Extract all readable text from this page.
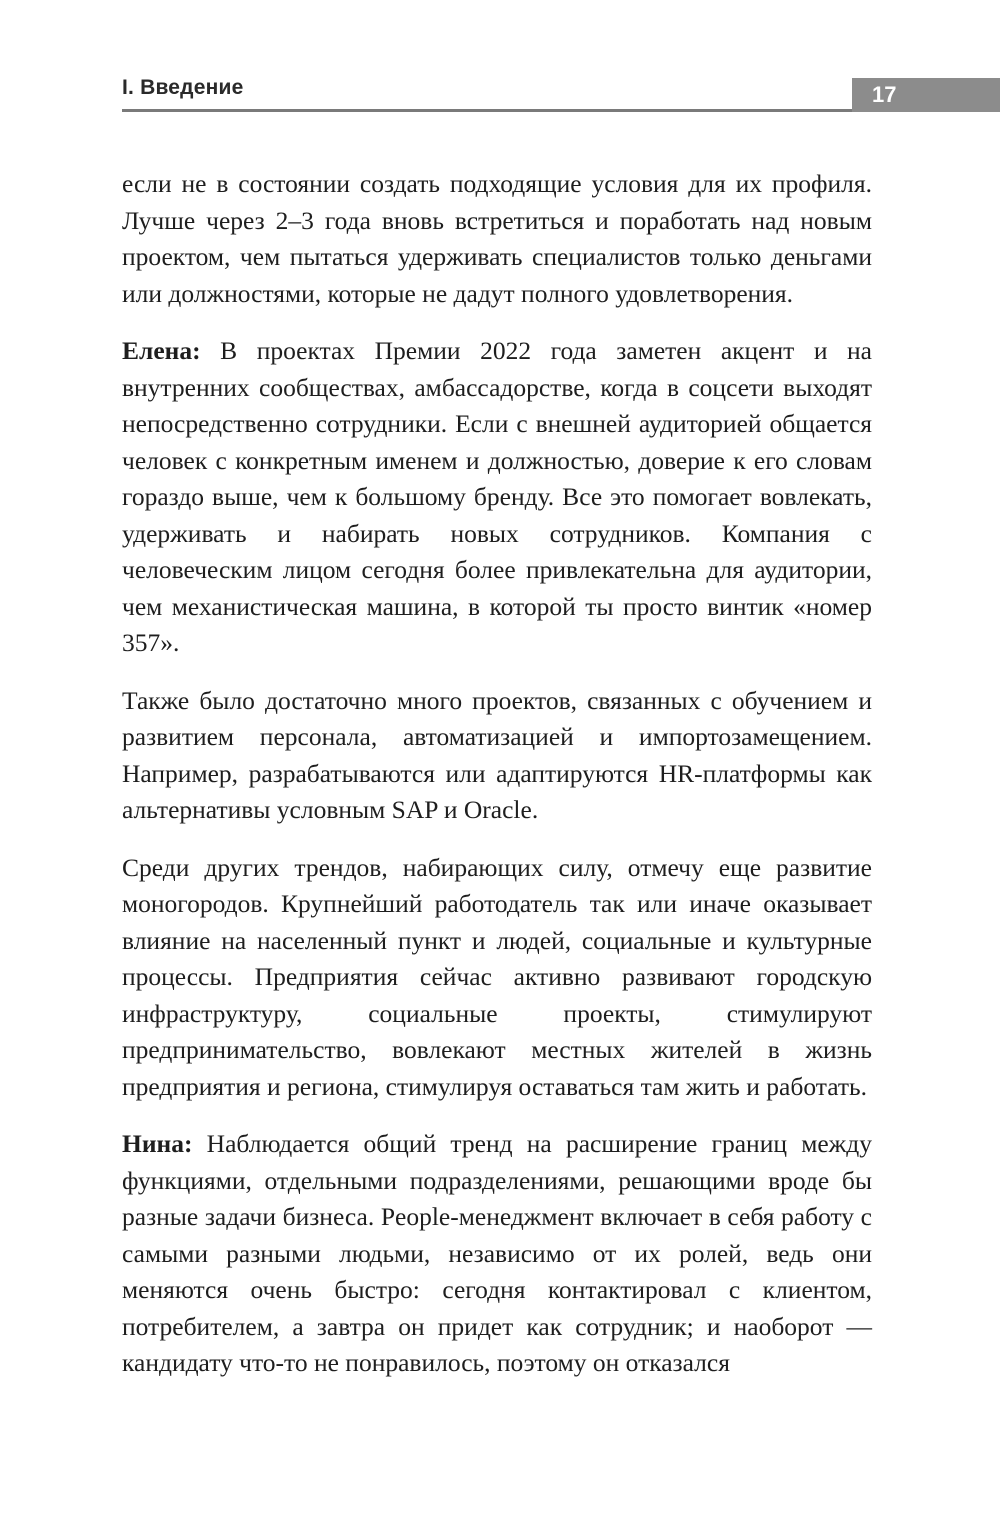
I. Введение	17

если не в состоянии создать подходящие условия для их профиля. Лучше через 2–3 года вновь встретиться и поработать над новым проектом, чем пытаться удерживать специалистов только деньгами или должностями, которые не дадут полного удовлетворения.

Елена: В проектах Премии 2022 года заметен акцент и на внутренних сообществах, амбассадорстве, когда в соцсети выходят непосредственно сотрудники. Если с внешней аудиторией общается человек с конкретным именем и должностью, доверие к его словам гораздо выше, чем к большому бренду. Все это помогает вовлекать, удерживать и набирать новых сотрудников. Компания с человеческим лицом сегодня более привлекательна для аудитории, чем механистическая машина, в которой ты просто винтик «номер 357».

Также было достаточно много проектов, связанных с обучением и развитием персонала, автоматизацией и импортозамещением. Например, разрабатываются или адаптируются HR-платформы как альтернативы условным SAP и Oracle.

Среди других трендов, набирающих силу, отмечу еще развитие моногородов. Крупнейший работодатель так или иначе оказывает влияние на населенный пункт и людей, социальные и культурные процессы. Предприятия сейчас активно развивают городскую инфраструктуру, социальные проекты, стимулируют предпринимательство, вовлекают местных жителей в жизнь предприятия и региона, стимулируя оставаться там жить и работать.

Нина: Наблюдается общий тренд на расширение границ между функциями, отдельными подразделениями, решающими вроде бы разные задачи бизнеса. People-менеджмент включает в себя работу с самыми разными людьми, независимо от их ролей, ведь они меняются очень быстро: сегодня контактировал с клиентом, потребителем, а завтра он придет как сотрудник; и наоборот — кандидату что-то не понравилось, поэтому он отказался
